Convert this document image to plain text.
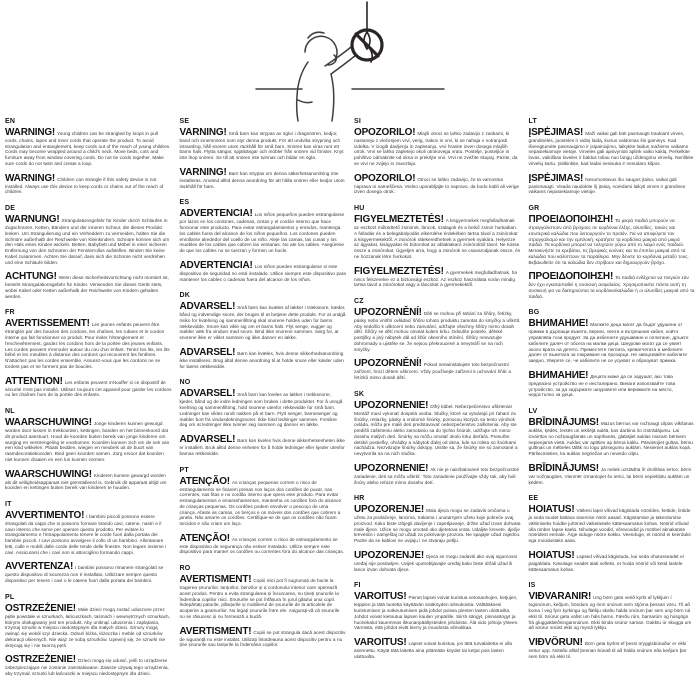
EN

WARNING! Young children can be strangled by loops in pull cords, chains, tapes and inner cords that operate the product. To avoid strangulation and entanglement, keep cords out of the reach of young children. Cords may become wrapped around a child's neck. Move beds, cots and furniture away from window covering cords. Do not tie cords together. Make sure cords do not twist and create a loop.

WARNING! Children can strangle if this safety device is not installed. Always use this device to keep cords or chains out of the reach of children.

DE

WARNUNG! Strangulationsgefahr für Kinder durch Schlaufen in Zugschnüren, Ketten, Bändern und der inneren Schnur, die dieses Produkt lenken. Um Strangulierung und ein Verheddern zu vermeiden, halten Sie die Schnüre außerhalb der Reichweite von Kleinkindern. Schnüre können sich um den Hals eines Kindes wickeln. Betten, Babybett und Möbel in einer sicheren Entfernung von den Schnüren der Fensterrollos aufstellen. Binden Sie keine Kabel zusammen. Achten Sie darauf, dass sich die Schnüre nicht verdrehen und eine Schlaufe bilden.

ACHTUNG! Wenn diese Sicherheitsvorrichtung nicht montiert ist, besteht Strangulationsgefahr für Kinder. Verwenden Sie dieses Gerät stets, wobei Kabel oder Ketten außerhalb der Reichweite von Kindern gehalten werden.

FR

AVERTISSEMENT! Les jeunes enfants peuvent être étranglés par des boucles des cordons, les chaînes, les rubans et le cordon interne qui fait fonctionner ce produit. Pour éviter l'étranglement et l'enchevêtrement, gardez les cordons hors de la portée des jeunes enfants. Les cordes peuvent s'enrouler autour du cou d'un enfant. Tenez les lits, les lits bébé et les meubles à distance des cordons qui recouvrent les fenêtres. N'attachez pas les cordes ensemble. Assurez-vous que les cordons ne se tordent pas et ne forment pas de boucles.

ATTENTION! Les enfants peuvent s'étouffer si ce dispositif de sécurité n'est pas installé. Utilisez toujours cet appareil pour garder les cordons ou les chaînes hors de la portée des enfants.

NL

WAARSCHUWING! Jonge kinderen kunnen gewurgd worden door lussen in trekkoorden, kettingen, banden en het binnenkoord dat dit product aanstuurt. Houd de koorden buiten bereik van jonge kinderen om wurging en verstrengeling te voorkomen. Koorden kunnen zich om de nek van een kind wikkelen. Plaats bedden, wiegen en meubels uit de buurt van raamdecoratiekoorden. Bind geen koorden samen. Zorg ervoor dat koorden niet kunnen draaien en een lus kunnen vormen.

WAARSCHUWING! Kinderen kunnen gewurgd worden als dit veiligheidsapparaat niet geïnstalleerd is. Gebruik dit apparaat altijd om koorden en kettingen buiten bereik van kinderen te houden.

IT

AVVERTIMENTO! I bambini piccoli possono essere strangolati da cappi che si possono formare tirando cavi, catene, nastri e il cavo interno che serve per operare questo prodotto. Per evitare lo strangolamento e l'intrappolamento tenere le corde fuori dalla portata dei bambini piccoli. I cavi possono avvolgere il collo di un bambino. Allontanare letti, culle e mobili dalle corde delle tende delle finestre. Non legare insieme i cavi. Assicurarsi che i cavi non si attorciglino formando cappi.

AVVERTENZA! I bambini possono rimanere strangolati se questo dispositivo di sicurezza non è installato. Utilizzare sempre questo dispositivo per tenere i cavi o le catene fuori dalla portata dei bambini.

PL

OSTRZEŻENIE! Małe dzieci mogą zostać uduszone przez pętle powstałe w sznurkach, łańcuszkach, taśmach i wewnętrznych sznurkach, którymi obsługiwany jest ten produkt. Aby uniknąć uduszenia i zaplątania, trzymaj sznurki w miejscu niedostępnym dla małych dzieci. Sznury mogą owinąć się wokół szyi dziecka. Odsuń łóżka, łóżeczka i meble od sznurków dekoracji okiennych. Nie wiąż ze sobą sznurków. Upewnij się, że sznurki nie skręcają się i nie tworzą pętli.

OSTRZEŻENIE! Dzieci mogą się udusić, jeśli to urządzenie zabezpieczające nie zostanie zainstalowane. Zawsze używaj tego urządzenia, aby trzymać sznurki lub łańcuszki w miejscu niedostępnym dla dzieci.

SE

VARNING! Små barn kan strypas av öglor i dragsnören, kedjor, band och innersnören som styr denna produkt. För att undvika strypning och intrassling, håll snören utom räckhåll för små barn. Snören kan viras runt ett barns hals. Flytta sängar, spjälsängar och möbler från snören vid fönster. Knyt inte ihop snören. Se till att snören inte tvinnas och bildar en ögla.

VARNING! Barn kan strypas om denna säkerhetsanordning inte installeras. Använd alltid denna anordning för att hålla snören eller kedjor utom räckhåll för barn.

ES

ADVERTENCIA! Los niños pequeños pueden estrangularse por lazos en los cordones, cadenas, cintas y el cordón interno que hace funcionar este producto. Para evitar estrangulamientos y enredos, mantenga los cables fuera del alcance de los niños pequeños. Los cordones pueden enrollarse alrededor del cuello de un niño. Aleje las camas, las cunas y los muebles de los cables que cubren las ventanas. No ate los cables. Asegúrese de que los cables no se tuerzan y formen un bucle.

ADVERTENCIA! Los niños pueden estrangularse si este dispositivo de seguridad no está instalado. Utilice siempre este dispositivo para mantener los cables o cadenas fuera del alcance de los niños.

DK

ADVARSEL! Små børn kan kvæles af løkker i træksnore, kæder, bånd og indvendige snore, der bruges til at betjene dette produkt. For at undgå risiko for kvælning og sammenfiltring skal snorene holdes uden for børns rækkevidde. Snore kan vikle sig om et barns hals. Flyt senge, vugger og møbler væk fra vinduer med snore. Bind ikke snorene sammen. Sørg for, at snorene ikke er viklet sammen og ikke danner en løkke.

ADVARSEL! Børn kan kvæles, hvis denne sikkerhedsanordning ikke installeres. Brug altid denne anordning til at holde snore eller kæder uden for børns rækkevidde.

NO

ADVARSEL! Små barn kan kveles av løkker i trekksnorer, kjeder, bånd og de indre ledningen som brukes i dette produktet. For å unngå kvelning og sammenfiltring, hold snorene utenfor rekkevidde for små barn. Ledninger kan vikles rundt nakken på et barn. Flytt senger, barnesenger og møbler bort fra vindusdekningsnorer. Ikke bind ledninger sammen. Forsikre deg om at ledninger ikke tvinner seg sammen og danner en løkke.

ADVARSEL! Barn kan kveles hvis denne sikkerhetsenheten ikke er installert. Bruk alltid denne enheten for å holde ledninger eller kjeder utenfor barnas rekkevidde.

PT

ATENÇÃO! As crianças pequenas correm o risco de estrangulamento se ficarem presas nos laços dos cordões de puxar, nas correntes, nas fitas e no cordão interno que opera este produto. Para evitar estrangulamentos e emaranhamentos, mantenha os cordões fora do alcance de crianças pequenas. Os cordões podem envolver o pescoço de uma criança. Afaste as camas, os berços e os móveis dos cordões que cobrem a janela. Não amarre os cordões. Certifique-se de que os cordões não ficam torcidos e não criam um laço.

ATENÇÃO! As crianças correm o risco de estrangulamento se este dispositivo de segurança não estiver instalado. Utilize sempre este dispositivo para manter os cordões ou correntes fora do alcance das crianças.

RO

AVERTISMENT! Copiii mici pot fi sugrumați de bucle la tragerea șnururilor, lanțurilor, benzilor și a cordonului interior care operează acest produs. Pentru a evita strangularea și încurcarea, nu țineți șnururile la îndemâna copiilor mici. Șnururile se pot înfășura în jurul gâtului unui copil. Îndepărtați paturile, pătuțurile și mobilierul de șnururile de la articolele de acoperire a geamurilor. Nu legați șnururile între ele. Asigurați-vă că șnururile nu se răsucesc și nu formează o buclă.

AVERTISMENT! Copiii se pot strangula dacă acest dispozitiv de siguranță nu este instalat. Utilizați întotdeauna acest dispozitiv pentru a nu ține șnururile sau lanțurile la îndemâna copiilor.

SI

OPOZORILO! Mlajši otroci se lahko zadavijo z zankami, ki nastanejo z vlečenjem vrvi, verig, trakov in vrvi, ki se nahaja v notranjosti izdelka. V izogib davljenju in zapletanju, vrvi hranite izven dosega mlajših otrok. Vrvi se lahko zapletejo okoli otrokovega vratu. Postelje, posteljice in pohištvo odmaknite od okna in prekrijte vrvi. Vrvi ne zvežite skupaj. Pazite, da se vrvi ne zvijejo in zavozlajo.

OPOZORILO! Otroci se lahko zadavijo, če ta varnostna naprava ni nameščena. Vedno uporabljajte to napravo, da bodo kabli ali verige izven dosega otrok.

HU

FIGYELMEZTETÉS! A kisgyermekek megfulladhatnak az eszközt működtető zsinórok, láncok, szalagok és a belső zsinór hurkaiban. A fulladás és a belegabalyodás elkerülése érdekében tartsa távol a zsinórokat a kisgyermekektől. A zsinórok rátekeredhetnek a gyermek nyakára. Helyezze az ágyakat, kiságyakat és bútorokat az ablaktakaró zsinóroktól távol. Ne kösse össze a zsinórokat. Ügyeljen arra, hogy a zsinórok ne csavarodjanak össze, és ne hozzanak létre hurkokat.

FIGYELMEZTETÉS! A gyermekek megfulladhatnak, ha nincs felszerelve ez a biztonsági eszköz. Az eszköz használata során mindig tartsa távol a zsinórokat vagy a láncokat a gyermekektől.

CZ

UPOZORNĚNÍ! Děti se mohou při tahání za šňůry, řetízky, pásky nebo vnitřní ovládací šňůru tohoto produktu zamotat do smyčky a uškrtit. Aby nedošlo k uškrcení nebo zamotání, udržujte všechny šňůry mimo dosah dětí. Šňůry se dětí mohou omotat kolem krku. Odsuňte postele, dětské postýlky a jiný nábytek dál od šňůr okenního stínění. Šňůry nesvazujte dohromady a ujistěte se, že nejsou překroucené a nevytváří se na nich smyčky.

UPOZORNĚNÍ! Pokud nenainstalujete toto bezpečnostní zařízení, hrozí dětem uškrcení. Vždy používejte zařízení k uchování šňůr a řetízků mimo dosah dětí.

SK

UPOZORNENIE! Dlhý kábel. Nebezpečenstvo uškrtenia! Montáž musí vykonať dospelá osoba. Slučky, ktoré sa vytvárajú pri ťahaní za šnúrky, retiazky, pásky a vnútorné šnúrky, pomocou ktorých sa tento výrobok ovláda, môžu pre malé deti predstavovať nebezpečenstvo zaškrtenia. Aby ste predišli zaškrteniu alebo zamotaniu sa do týchto šnúrok, udržujte ich mimo dosahu malých detí. Šnúrky sa môžu omotať okolo krku dieťaťa. Presuňte detské postieľky, ohrádky a nábytok ďalej od okna, kde sa roleta so šnúrkami nachádza. Nezväzujte šnúrky dokopy. Uistite sa, že šnúrky nie sú zamotané a nevytvorila sa na nich slučka.

UPOZORNENIE! Ak nie je nainštalované toto bezpečnostné zariadenie, deti sa môžu uškrtiť. Toto zariadenie používajte vždy tak, aby boli šnúry alebo reťaze mimo dosahu detí.

HR

UPOZORENJE! Mala djeca mogu se zadaviti omčama u užetu za povlačenje, lancima, trakama i unutarnjem užetu koje pokreće ovaj proizvod. Kako biste izbjegli davljenje i zapetljavanje, držite užad izvan dohvata male djece. Užice se mogu omotati oko djetetova vrata. Udaljite krevete, dječje krevetiće i namještaj od užadi za pokrivanje prozora. Ne spajajte užad zajedno. Pazite da se kablovi ne uvijaju i ne stvaraju petlju.

UPOZORENJE! Djeca se mogu zadaviti ako ovaj sigurnosni uređaj nije postavljen. Uvijek upotrebljavajte uređaj kako biste držali užad ili lance izvan dohvata djece.

FI

VAROITUS! Pienet lapset voivat kuristua vetonauhojen, ketjujen, teippien ja tätä tuotetta käyttävän sisäköyden silmukoista. Välttääksesi kuristumisen ja sotkeutumisen pidä johdot poissa pienten lasten ulottuvilta. Johdot voivat kietoutua lapsen kaulan ympärille. Siirrä sängyt, pinnasängyt ja huonekalut kauemmas ikkunanpäällysteiden johdoista. Älä sido johtoja yhteen. Varmista, että johdot eivät kierry ja muodosta silmukkaa.

VAROITUS! Lapset voivat kuristua, jos tätä turvalaitetta ei olla asennettu. Käytä tätä laitetta aina pitämään köydet tai ketjut pois lasten ulottuvilta.

LT

ĮSPĖJIMAS! Maži vaikai gali būti pasmaugti traukiant virves, grandinėles, juosteles ir vidinį laidą, kuriuo valdomas šis gaminys. Kad išvengtumėte pasmaugimo ir įsipainiojimo, laikykite laidus mažiems vaikams nepasiekiamoje vietoje. Virvelės gali apsivynioti aplink vaiko kaklą. Perkelkite lovas, vaikiškas loveles ir baldus toliau nuo langų uždengimo virvelių. Neriškite virvelių kartu. Įsitikinkite, kad laidai nesisuka ir nesudaro kilpos.

ĮSPĖJIMAS! Nesumontavus šio saugos įtaiso, vaikai gali pasismaugti. Visada naudokite šį įtaisą, norėdami laikyti virves ir grandines vaikams nepasiekiamoje vietoje.

GR

ΠΡΟΕΙΔΟΠΟΙΗΣΗ! Τα μικρά παιδιά μπορούν να στραγγαλιστούν από βρόχους σε κορδόνια έλξης, αλυσίδες, ταινίες και εσωτερικά καλώδια που λειτουργούν το προϊόν. Για να αποφύγετε τον στραγγαλισμό και την εμπλοκή, κρατήστε τα κορδόνια μακριά από μικρά παιδιά. Τα κορδόνια μπορεί να τυλιχτούν γύρω από το λαιμό ενός παιδιού. Μετακινήστε τα κρεβάτια, τις βρεφικές κούνιες και τα έπιπλα μακριά από τα καλώδια που καλύπτουν τα παράθυρα. Μην δένετε τα κορδόνια μεταξύ τους. Βεβαιωθείτε ότι τα καλώδια δεν στρίβουν και δημιουργούν βρόχο.

ΠΡΟΕΙΔΟΠΟΙΗΣΗ! Τα παιδιά ενδέχεται να πνιγούν εάν δεν έχει εγκατασταθεί η συσκευή ασφαλείας. Χρησιμοποιείτε πάντα αυτή τη συσκευή για να διατηρούνται τα κορδόνια/καλώδια ή οι αλυσίδες μακριά από τα παιδιά.

BG

ВНИМАНИЕ! Малките деца могат да бъдат удушени от примки в дърпащи въжета, вериги, ленти и вътрешния кабел, който управлява този продукт. За да избегнете удушаване и оплитане, дръжте кабелите далеч от обсега на малки деца. Шнурове могат да се увият около врата на детето. Преместете леглата, креватчетата и мебелите далеч от въжетата за покриване на прозорци. Не завързвайте кабелите заедно. Уверете се, че кабелите не се усукват и образуват примка.

ВНИМАНИЕ! Децата може да се задушат, ако това предпазно устройство не е инсталирано. Винаги използвайте това устройство, за да задържате шнуровете или верижките на място, недостъпно за деца.

LV

BRĪDINĀJUMS! Mazus bērnus var nožņaugt cilpas vilkšanas auklās, ķēdēs, lentēs un iekšējā auklā, kas darbina šo izstrādājumu. Lai izvairītos no nožņaugšanās un sapīšanās, glabājiet auklas mazam bērniem nepieejamā vietā. Auklas var aptīties ap bērna kaklu. Pārvietojiet gultas, bērnu gultiņas un mēbeles tālāk no logu pārsegumu auklām. Nesieniet auklas kopā. Pārliecinieties, ka auklas negriežas un neveido cilpu.

BRĪDINĀJUMS! Ja netiek uzstādīta šī drošības ierīce, bērni var nožņaugties. Vienmēr izmantojiet šo ierīci, lai bērni nepiekļūtu auklām un ķēdēm.

EE

HOIATUS! Väikesi lapsi võivad kägistada nöörides, kettide, lintide ja seda toodet käitava sisemise nööri aasad. Kägistamise ja takerdumise vältimiseks hoidke juhtmed väikelastele kättesaamatus kohas. Nöörid võivad olla ümber lapse kaela. Nihutage voodid, võrevoodid ja mööbel aknakatete nööridest eemale. Ärge siduge nööre kokku. Veenduge, et nöörid ei keerduks ega moodustaks aasa.

HOIATUS! Lapsed võivad kägistuda, kui seda ohutusseadet ei paigaldata. Kasutage seadet alati selleks, et hoida nöörid või ketid lastele kättesaamatus kohas.

IS

VIÐVARANIR! Ung börn geta verið kyrkt af lykkjum í togsnúrum, keðjum, böndum og innri snúrum sem stjórna þessari vöru. Til að koma í veg fyrir kyrkingu og flækju skaltu halda snúrum þar sem ung börn ná ekki til. Snúrur geta vafist um háls barns. Færðu rúm, barnarúm og húsgögn frá gluggaklæðningarsnúrum. Ekki binda snúrur saman. Gakktu úr skugga um að snúrur snúist ekki og myndi lykkju.

VIÐVÖRUN! Börn geta kyrkst ef þessi öryggisbúnaður er ekki settur upp. Notaðu alltaf þennan búnað til að halda snúrum eða keðjum þar sem börn ná ekki til.
